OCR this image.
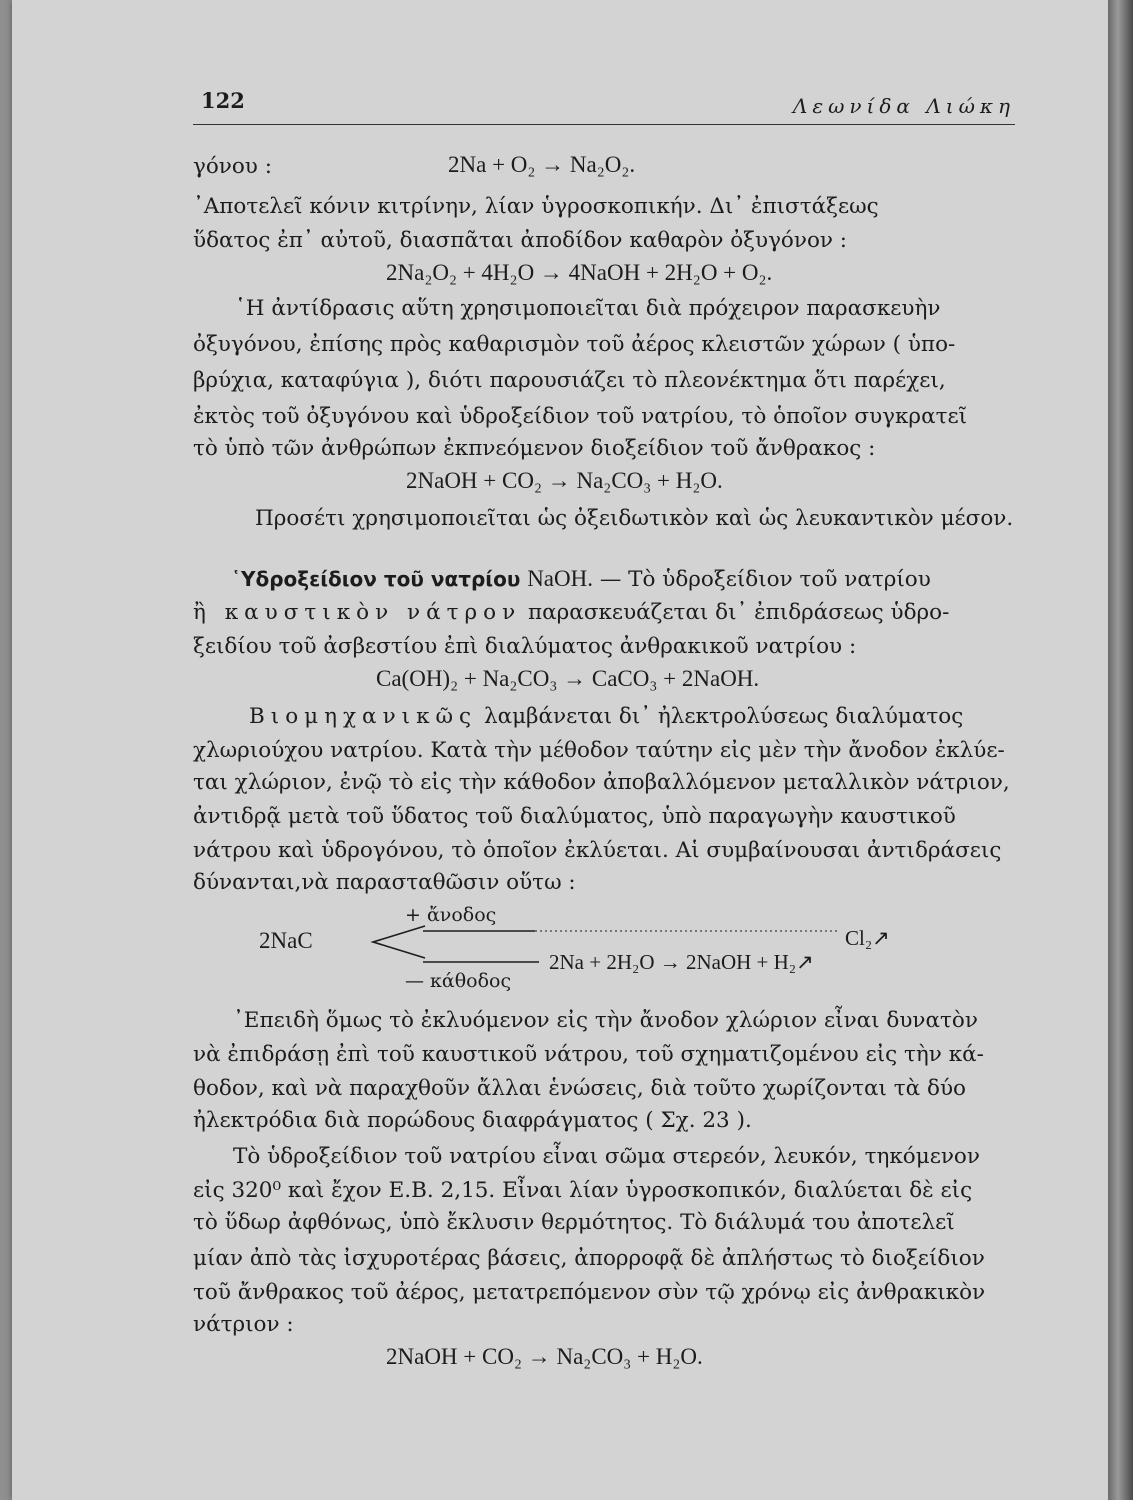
122	Λεωνίδα Λιώκη
γόνου :	2Na + O₂ → Na₂O₂.
᾽Αποτελεῖ κόνιν κιτρίνην, λίαν ὑγροσκοπικήν. Δι᾽ ἐπιστάξεως
ὕδατος ἐπ᾽ αὐτοῦ, διασπᾶται ἀποδίδον καθαρὸν ὀξυγόνον :
2Na₂O₂ + 4H₂O → 4NaOH + 2H₂O + O₂.
῾Η ἀντίδρασις αὕτη χρησιμοποιεῖται διὰ πρόχειρον παρασκευὴν
ὀξυγόνου, ἐπίσης πρὸς καθαρισμὸν τοῦ ἀέρος κλειστῶν χώρων ( ὑπο-
βρύχια, καταφύγια ), διότι παρουσιάζει τὸ πλεονέκτημα ὅτι παρέχει,
ἐκτὸς τοῦ ὀξυγόνου καὶ ὑδροξείδιον τοῦ νατρίου, τὸ ὁποῖον συγκρατεῖ
τὸ ὑπὸ τῶν ἀνθρώπων ἐκπνεόμενον διοξείδιον τοῦ ἄνθρακος :
2NaOH + CO₂ → Na₂CO₃ + H₂O.
Προσέτι χρησιμοποιεῖται ὡς ὀξειδωτικὸν καὶ ὡς λευκαντικὸν μέσον.
῾Υδροξείδιον τοῦ νατρίου NaOH. — Τὸ ὑδροξείδιον τοῦ νατρίου
ἢ καυστικὸν νάτρον παρασκευάζεται δι᾽ ἐπιδράσεως ὑδρο-
ξειδίου τοῦ ἀσβεστίου ἐπὶ διαλύματος ἀνθρακικοῦ νατρίου :
Ca(OH)₂ + Na₂CO₃ → CaCO₃ + 2NaOH.
Βιομηχανικῶς λαμβάνεται δι᾽ ἠλεκτρολύσεως διαλύματος
χλωριούχου νατρίου. Κατὰ τὴν μέθοδον ταύτην εἰς μὲν τὴν ἄνοδον ἐκλύε-
ται χλώριον, ἐνῷ τὸ εἰς τὴν κάθοδον ἀποβαλλόμενον μεταλλικὸν νάτριον,
ἀντιδρᾷ μετὰ τοῦ ὕδατος τοῦ διαλύματος, ὑπὸ παραγωγὴν καυστικοῦ
νάτρου καὶ ὑδρογόνου, τὸ ὁποῖον ἐκλύεται. Αἱ συμβαίνουσαι ἀντιδράσεις
δύνανται,νὰ παρασταθῶσιν οὕτω :
2NaC
+ ἄνοδος
— κάθοδος
Cl₂↗
2Na + 2H₂O → 2NaOH + H₂↗
᾽Επειδὴ ὅμως τὸ ἐκλυόμενον εἰς τὴν ἄνοδον χλώριον εἶναι δυνατὸν
νὰ ἐπιδράσῃ ἐπὶ τοῦ καυστικοῦ νάτρου, τοῦ σχηματιζομένου εἰς τὴν κά-
θοδον, καὶ νὰ παραχθοῦν ἄλλαι ἑνώσεις, διὰ τοῦτο χωρίζονται τὰ δύο
ἠλεκτρόδια διὰ πορώδους διαφράγματος ( Σχ. 23 ).
Τὸ ὑδροξείδιον τοῦ νατρίου εἶναι σῶμα στερεόν, λευκόν, τηκόμενον
εἰς 320⁰ καὶ ἔχον Ε.Β. 2,15. Εἶναι λίαν ὑγροσκοπικόν, διαλύεται δὲ εἰς
τὸ ὕδωρ ἀφθόνως, ὑπὸ ἔκλυσιν θερμότητος. Τὸ διάλυμά του ἀποτελεῖ
μίαν ἀπὸ τὰς ἰσχυροτέρας βάσεις, ἀπορροφᾷ δὲ ἀπλήστως τὸ διοξείδιον
τοῦ ἄνθρακος τοῦ ἀέρος, μετατρεπόμενον σὺν τῷ χρόνῳ εἰς ἀνθρακικὸν
νάτριον :
2NaOH + CO₂ → Na₂CO₃ + H₂O.
